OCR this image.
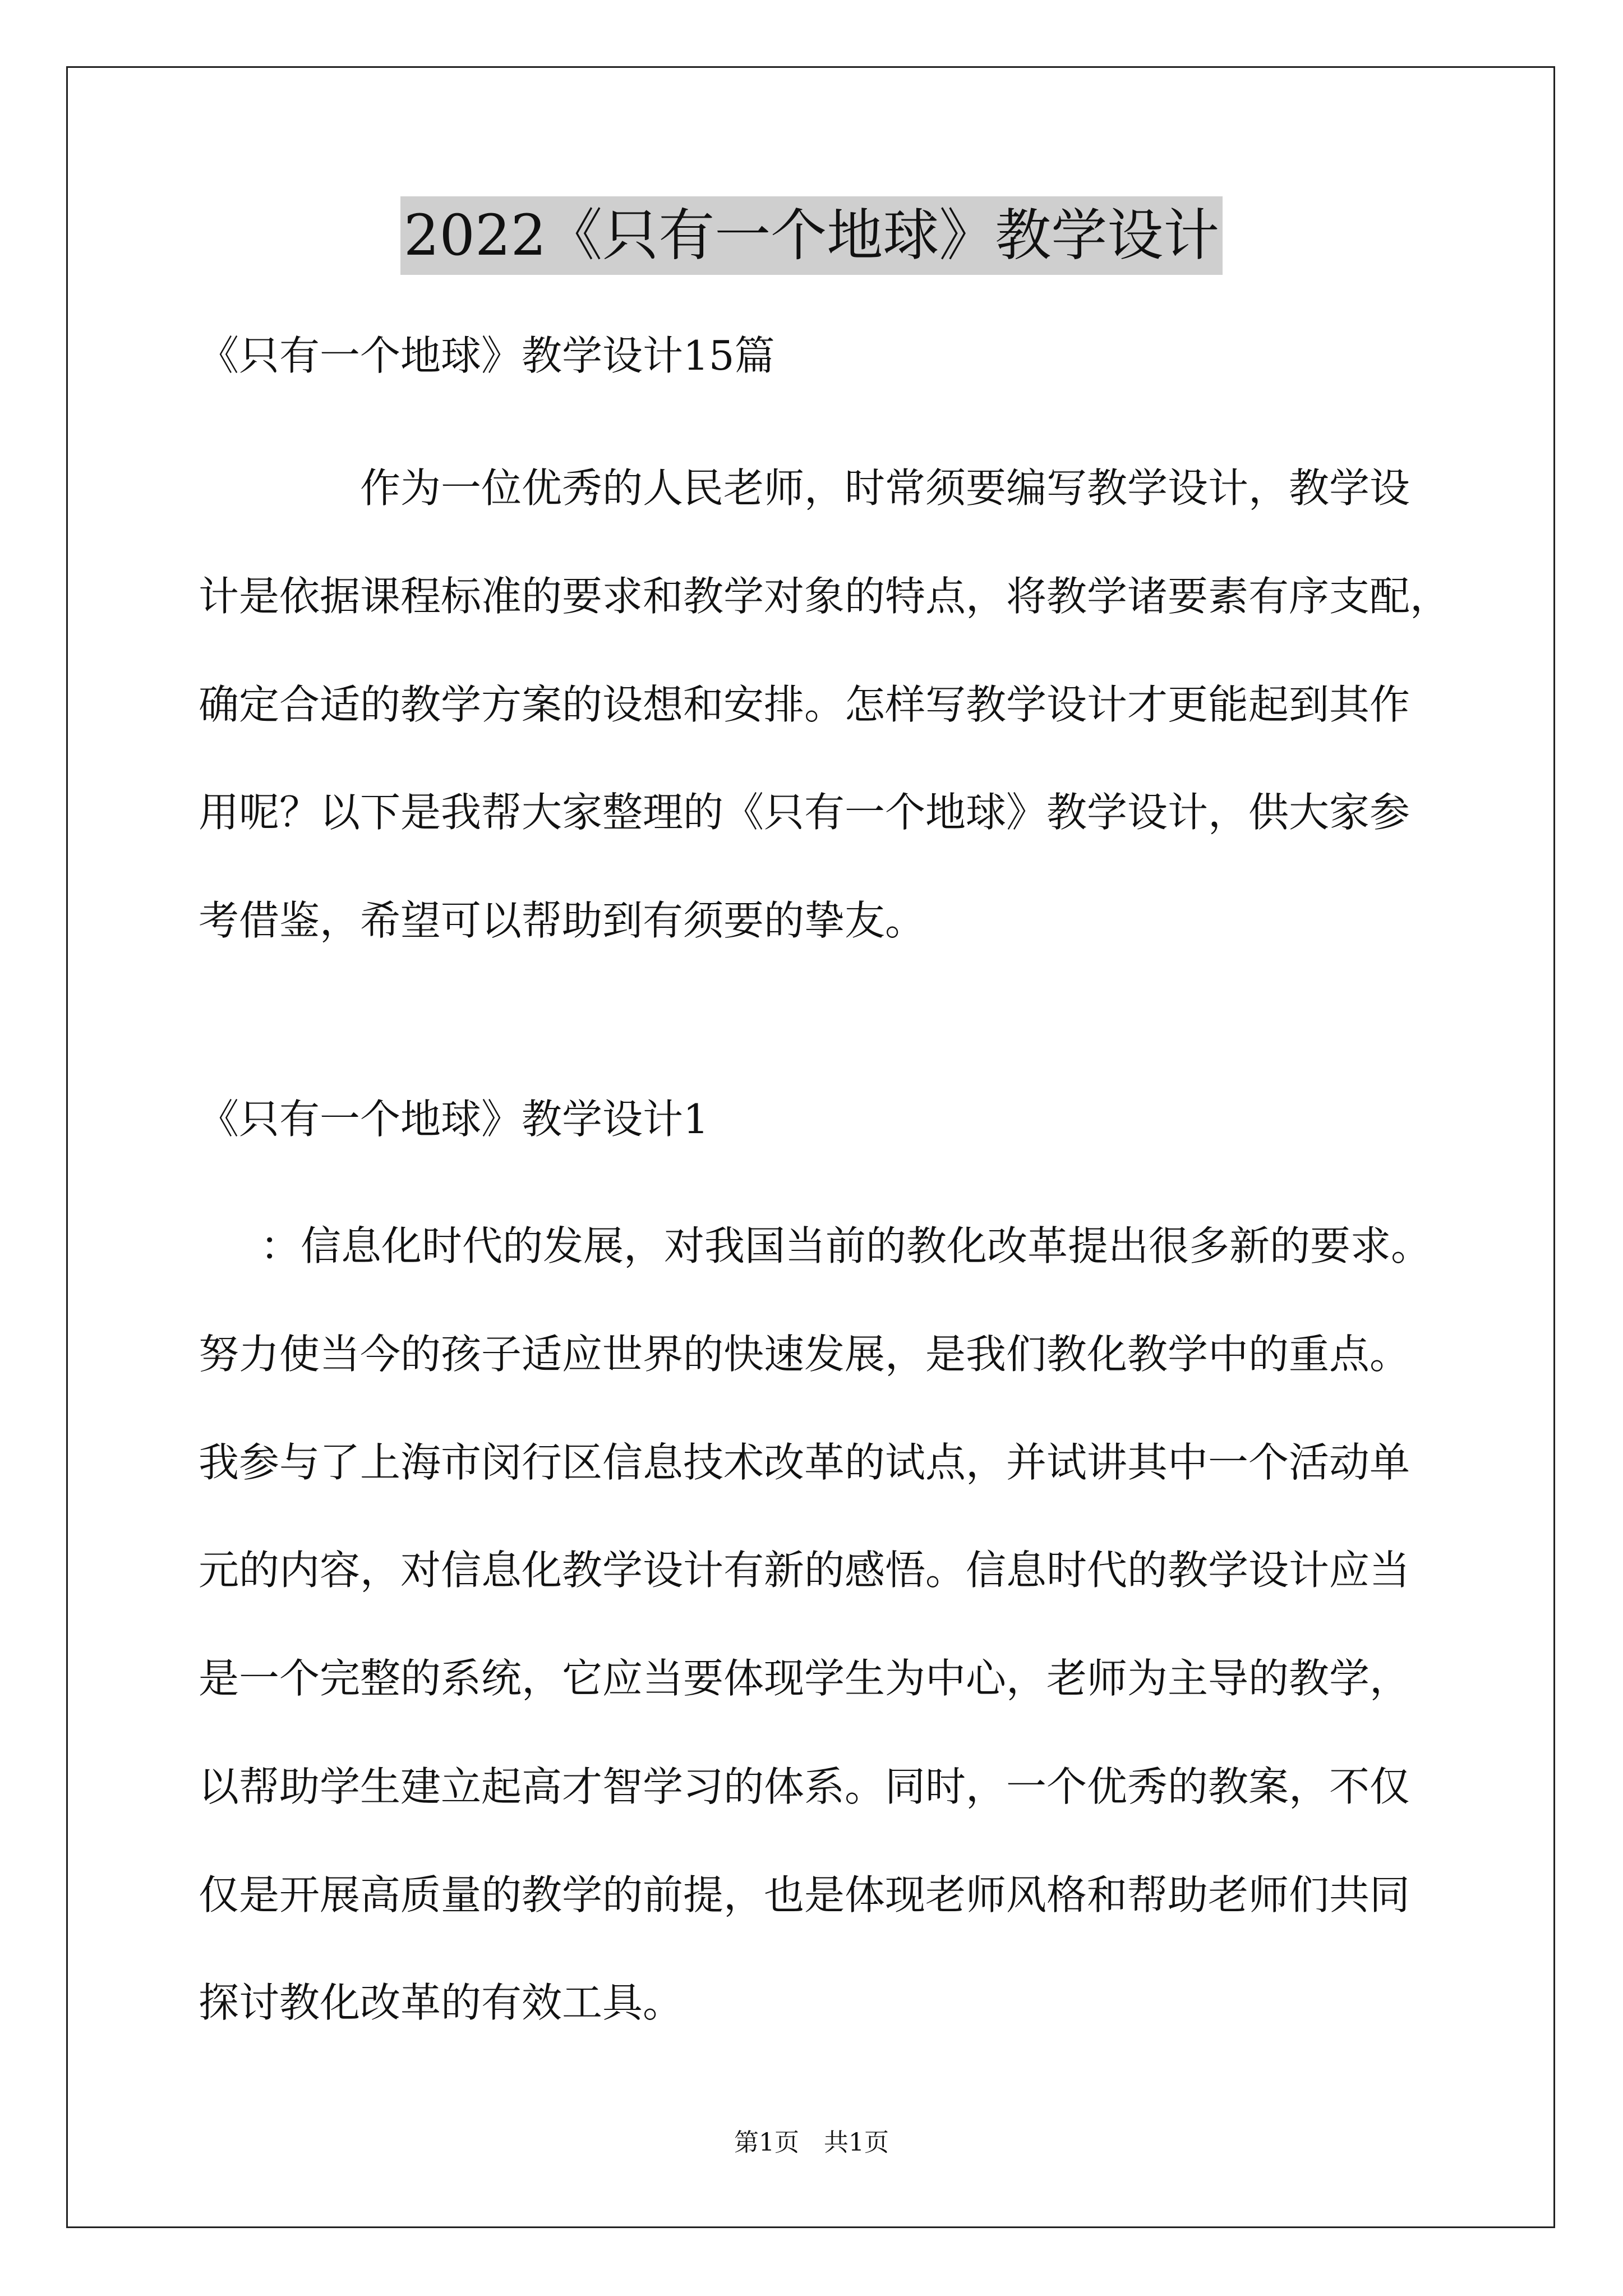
2022《只有一个地球》教学设计

《只有一个地球》教学设计15篇

作为一位优秀的人民老师，时常须要编写教学设计，教学设

计是依据课程标准的要求和教学对象的特点，将教学诸要素有序支配，

确定合适的教学方案的设想和安排。怎样写教学设计才更能起到其作

用呢？以下是我帮大家整理的《只有一个地球》教学设计，供大家参

考借鉴，希望可以帮助到有须要的挚友。

《只有一个地球》教学设计1

：信息化时代的发展，对我国当前的教化改革提出很多新的要求。

努力使当今的孩子适应世界的快速发展，是我们教化教学中的重点。

我参与了上海市闵行区信息技术改革的试点，并试讲其中一个活动单

元的内容，对信息化教学设计有新的感悟。信息时代的教学设计应当

是一个完整的系统，它应当要体现学生为中心，老师为主导的教学，

以帮助学生建立起高才智学习的体系。同时，一个优秀的教案，不仅

仅是开展高质量的教学的前提，也是体现老师风格和帮助老师们共同

探讨教化改革的有效工具。

第1页　共1页
